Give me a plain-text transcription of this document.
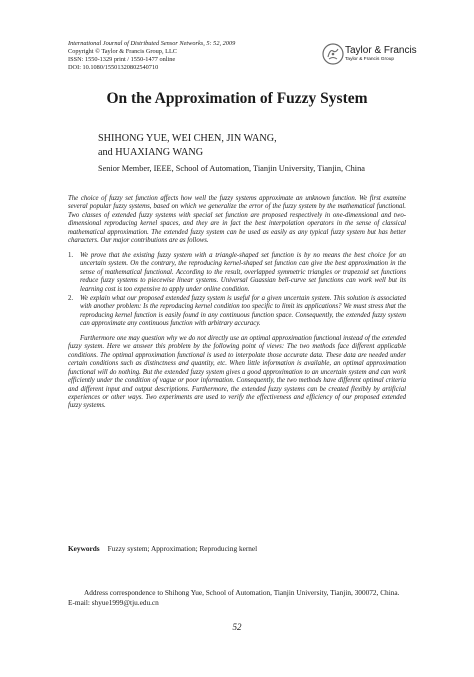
International Journal of Distributed Sensor Networks, 5: 52, 2009
Copyright © Taylor & Francis Group, LLC
ISSN: 1550-1329 print / 1550-1477 online
DOI: 10.1080/15501320802540710
Taylor & Francis
Taylor & Francis Group
On the Approximation of Fuzzy System
SHIHONG YUE, WEI CHEN, JIN WANG,
and HUAXIANG WANG
Senior Member, IEEE, School of Automation, Tianjin University, Tianjin, China

The choice of fuzzy set function affects how well the fuzzy systems approximate an unknown function. We first examine several popular fuzzy systems, based on which we generalize the error of the fuzzy system by the mathematical functional. Two classes of extended fuzzy systems with special set function are proposed respectively in one-dimensional and two-dimensional reproducing kernel spaces, and they are in fact the best interpolation operators in the sense of classical mathematical approximation. The extended fuzzy system can be used as easily as any typical fuzzy system but has better characters. Our major contributions are as follows.

1. We prove that the existing fuzzy system with a triangle-shaped set function is by no means the best choice for an uncertain system. On the contrary, the reproducing kernel-shaped set function can give the best approximation in the sense of mathematical functional. According to the result, overlapped symmetric triangles or trapezoid set functions reduce fuzzy systems to piecewise linear systems. Universal Guassian bell-curve set functions can work well but its learning cost is too expensive to apply under online condition.
2. We explain what our proposed extended fuzzy system is useful for a given uncertain system. This solution is associated with another problem: Is the reproducing kernel condition too specific to limit its applications? We must stress that the reproducing kernel function is easily found in any continuous function space. Consequently, the extended fuzzy system can approximate any continuous function with arbitrary accuracy.

Furthermore one may question why we do not directly use an optimal approximation functional instead of the extended fuzzy system. Here we answer this problem by the following point of views: The two methods face different applicable conditions. The optimal approximation functional is used to interpolate those accurate data. These data are needed under certain conditions such as distinctness and quantity, etc. When little information is available, an optimal approximation functional will do nothing. But the extended fuzzy system gives a good approximation to an uncertain system and can work efficiently under the condition of vague or poor information. Consequently, the two methods have different optimal criteria and different input and output descriptions. Furthermore, the extended fuzzy systems can be created flexibly by artificial experiences or other ways. Two experiments are used to verify the effectiveness and efficiency of our proposed extended fuzzy systems.

Keywords Fuzzy system; Approximation; Reproducing kernel
Address correspondence to Shihong Yue, School of Automation, Tianjin University, Tianjin, 300072, China. E-mail: shyue1999@tju.edu.cn
52
